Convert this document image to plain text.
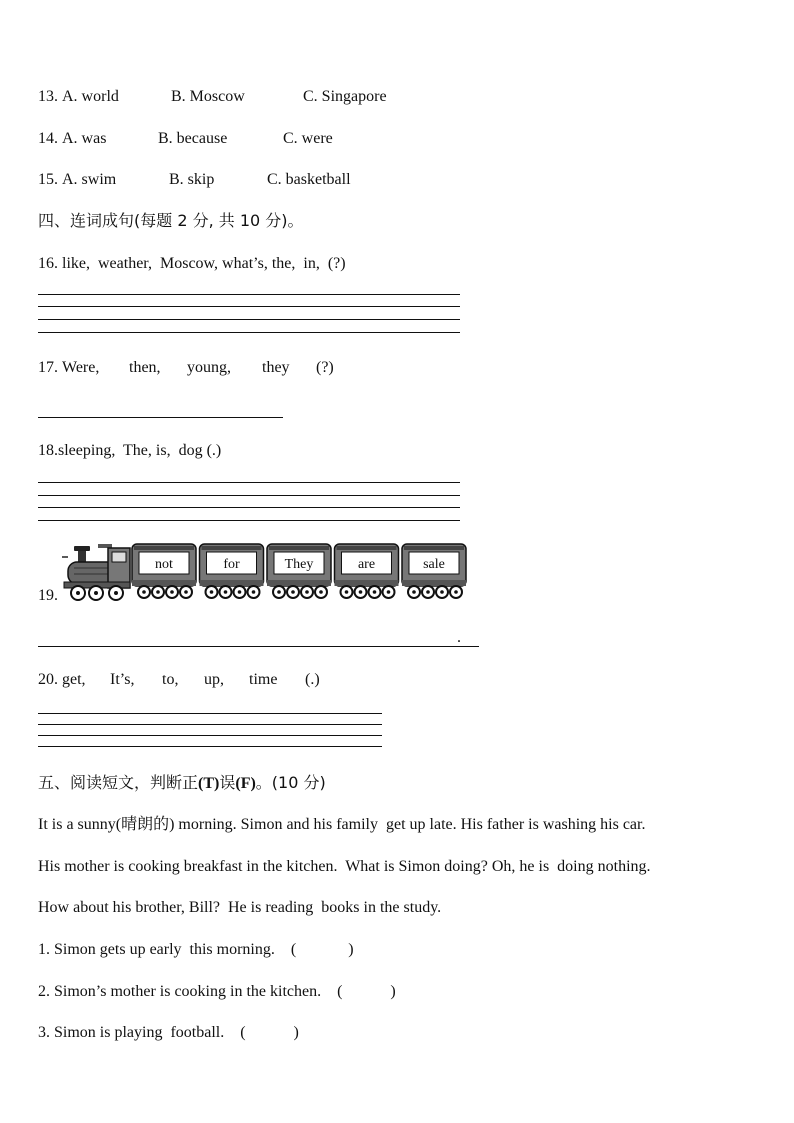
13. A. world	B. Moscow	C. Singapore
14. A. was	B. because	C. were
15. A. swim	B. skip	C. basketball
四、连词成句(每题 2 分, 共 10 分)。
16. like,  weather,  Moscow, what’s, the,  in,  (?)
17. Were, then, young, they (?)
18.sleeping,  The, is,  dog (.)
19.
not	for	They	are	sale
.
20. get, It’s, to, up, time (.)
五、阅读短文，判断正(T)误(F)。(10 分)
It is a sunny(晴朗的) morning. Simon and his family  get up late. His father is washing his car.
His mother is cooking breakfast in the kitchen.  What is Simon doing? Oh, he is  doing nothing.
How about his brother, Bill?  He is reading  books in the study.
1. Simon gets up early  this morning.    (             )
2. Simon’s mother is cooking in the kitchen.    (            )
3. Simon is playing  football.    (            )
